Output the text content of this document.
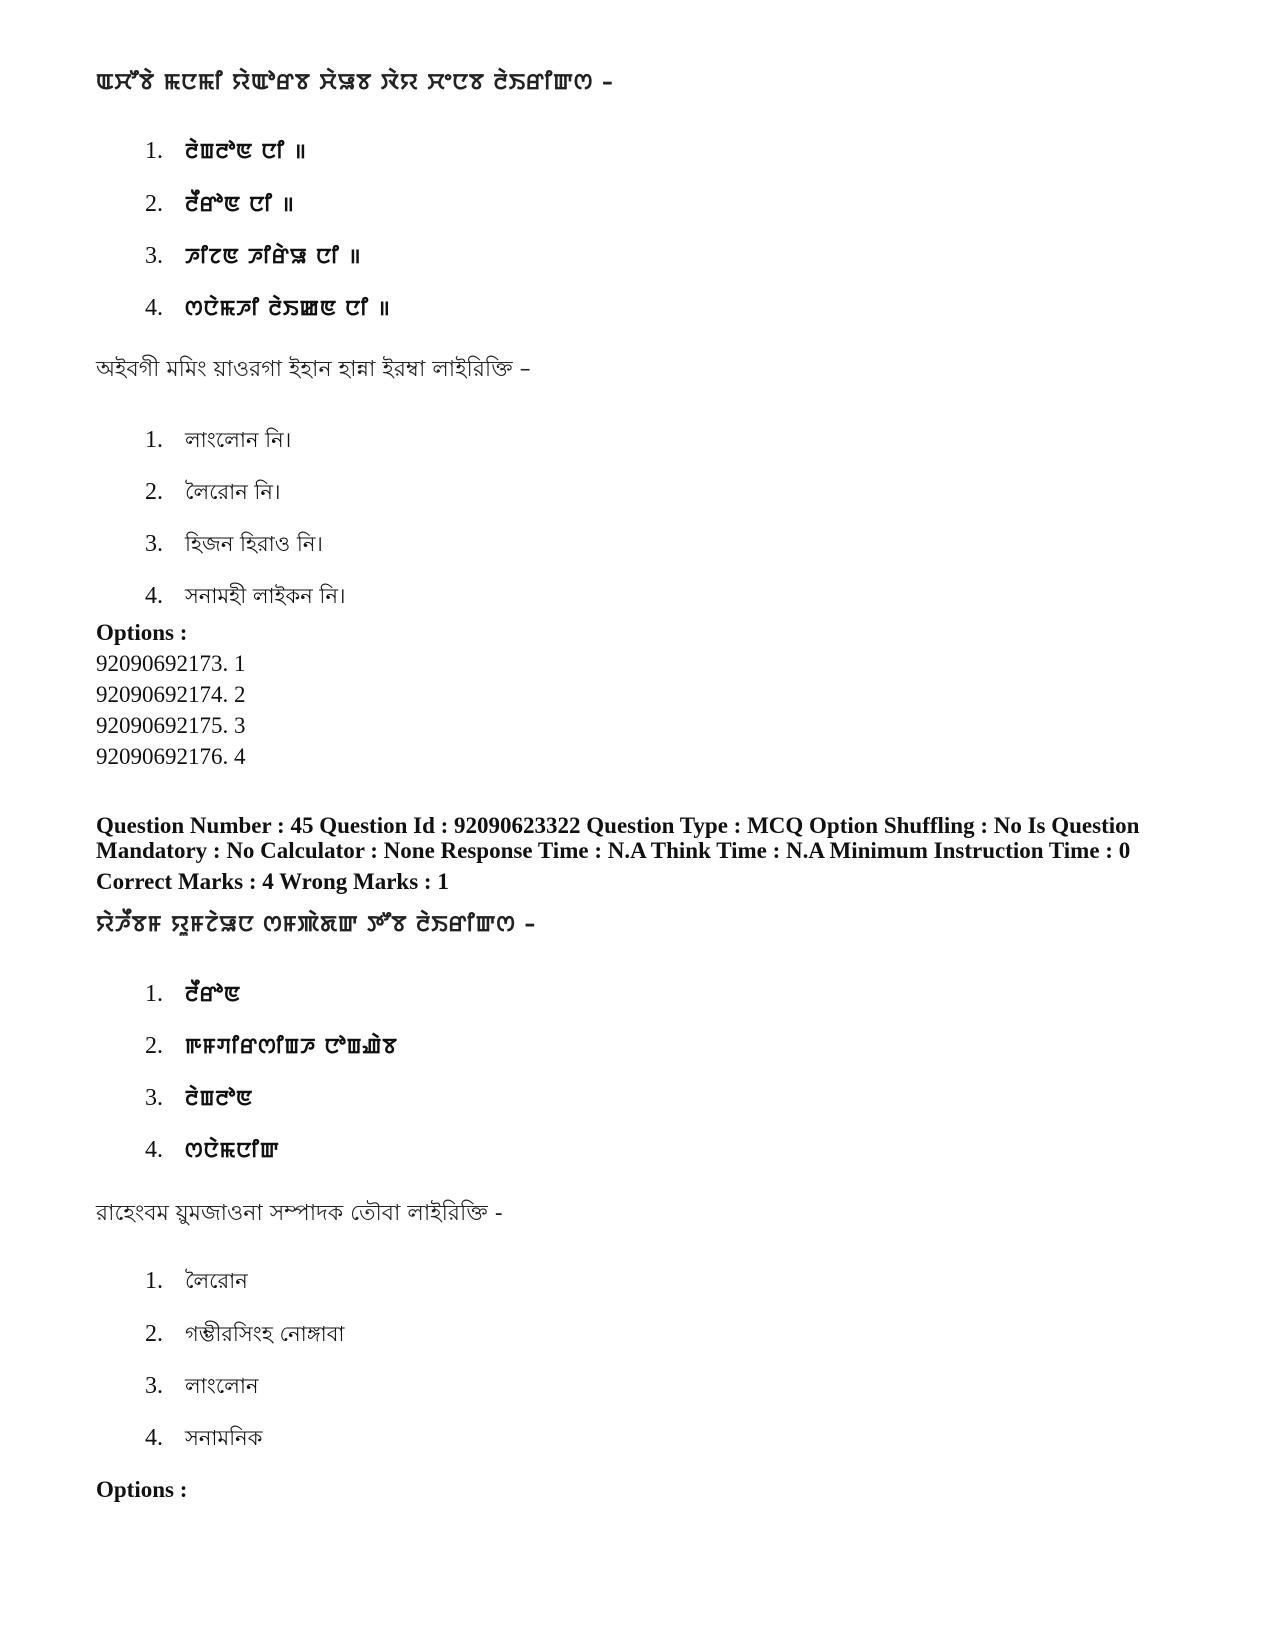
ꯑꯆꯧꯕꯥ ꯃꯅꯃꯤ ꯌꯥꯑꯣꯔꯕ ꯆꯥꯎꯕ ꯋꯥꯌ ꯆꯦꯅꯕ ꯂꯥꯏꯔꯤꯛꯁ –
1. ꯂꯥꯡꯂꯣꯟ ꯅꯤ ॥
2. ꯂꯩꯔꯣꯟ ꯅꯤ ॥
3. ꯍꯤꯖꯟ ꯍꯤꯔꯥꯎ ꯅꯤ ॥
4. ꯁꯅꯥꯃꯍꯤ ꯂꯥꯏꯀꯟ ꯅꯤ ॥
অইবগী মমিং য়াওরগা ইহান হান্না ইরম্বা লাইরিক্তি –
1. লাংলোন নি।
2. লৈরোন নি।
3. হিজন হিরাও নি।
4. সনামহী লাইকন নি।
Options :
92090692173. 1
92090692174. 2
92090692175. 3
92090692176. 4
Question Number : 45 Question Id : 92090623322 Question Type : MCQ Option Shuffling : No Is Question
Mandatory : No Calculator : None Response Time : N.A Think Time : N.A Minimum Instruction Time : 0
Correct Marks : 4 Wrong Marks : 1
ꯌꯥꯍꯩꯕꯝ ꯌꯨꯝꯖꯥꯎꯅ ꯁꯝꯄꯥꯗꯛ ꯇꯧꯕ ꯂꯥꯏꯔꯤꯛꯁ –
1. ꯂꯩꯔꯣꯟ
2. ꯒꯝꯚꯤꯔꯁꯤꯡꯍ ꯅꯣꯡꯉꯥꯕ
3. ꯂꯥꯡꯂꯣꯟ
4. ꯁꯅꯥꯃꯅꯤꯛ
রাহেংবম য়ুমজাওনা সম্পাদক তৌবা লাইরিক্তি -
1. লৈরোন
2. গম্ভীরসিংহ নোঙ্গাবা
3. লাংলোন
4. সনামনিক
Options :
